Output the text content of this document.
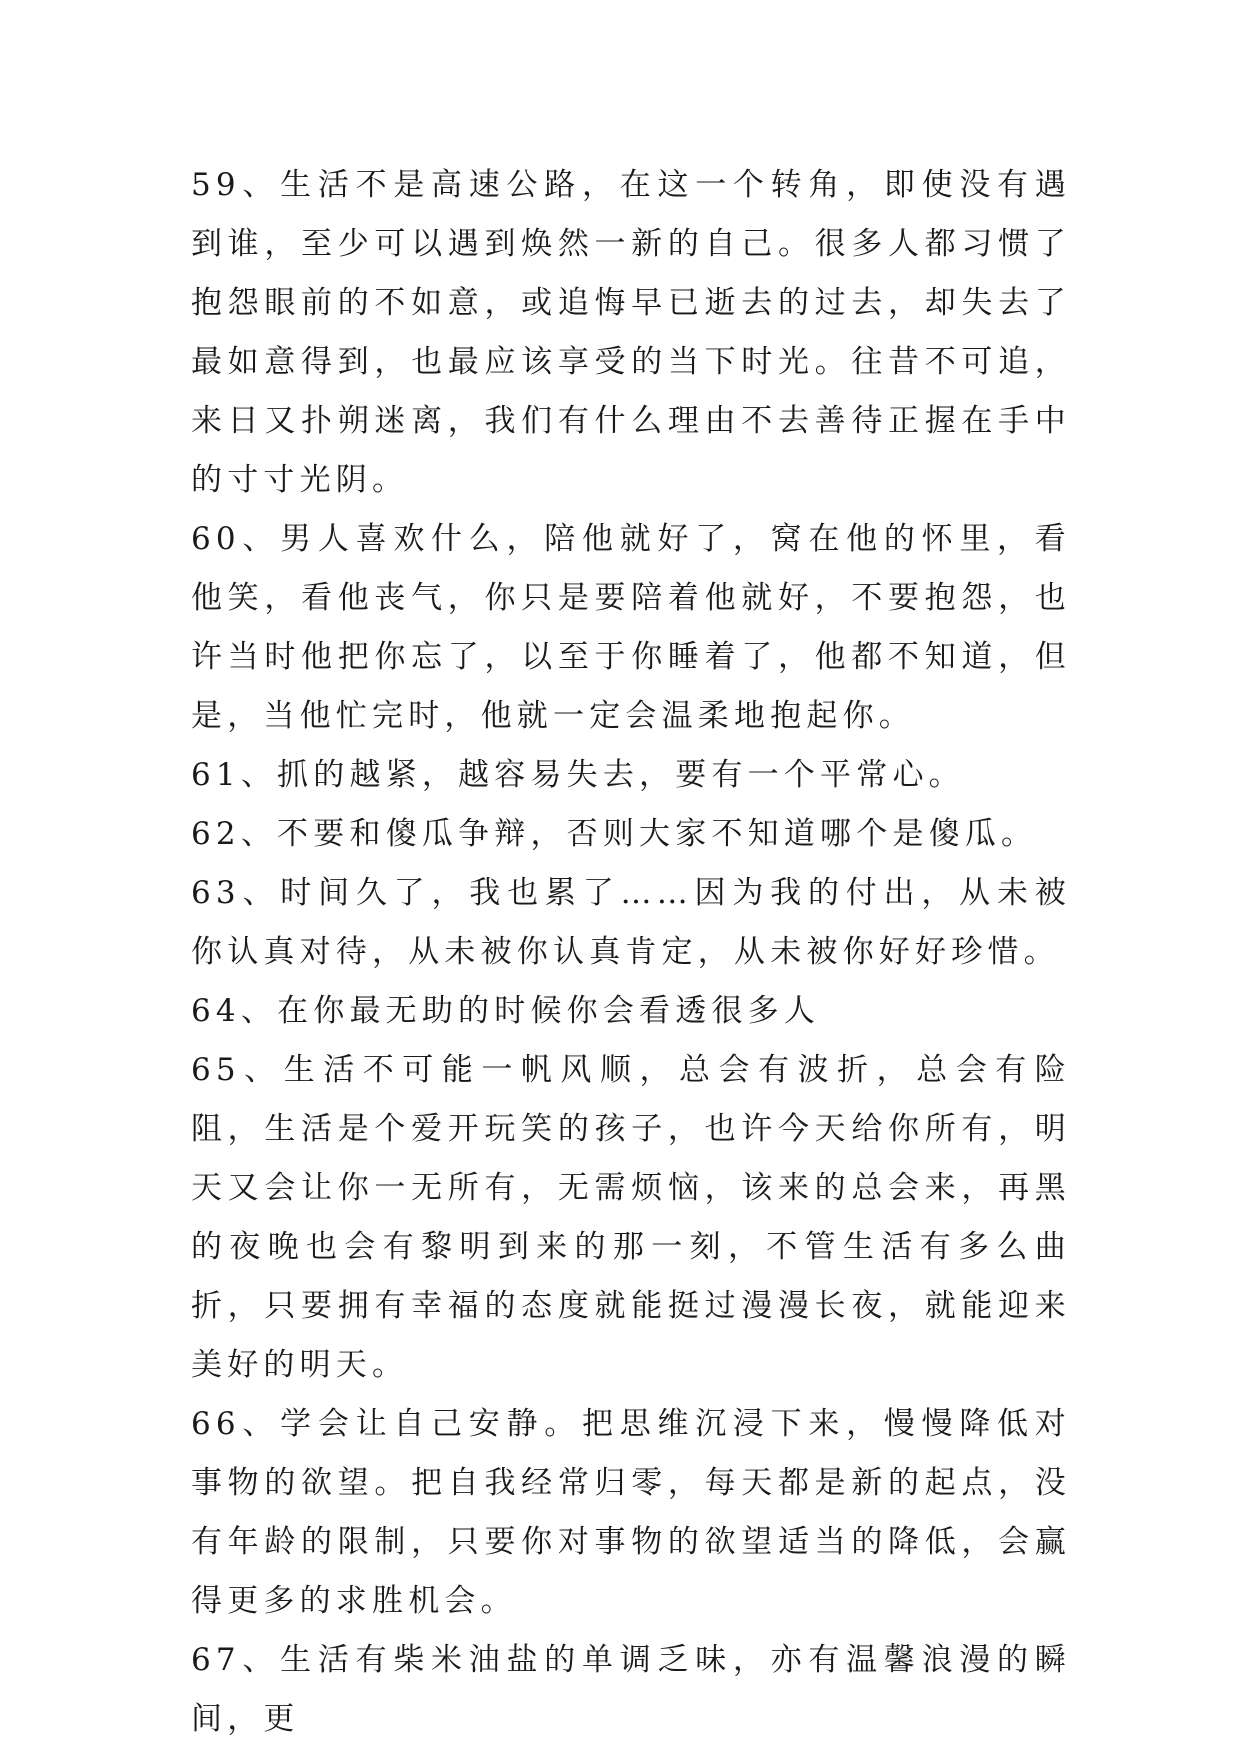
59、生活不是高速公路，在这一个转角，即使没有遇到谁，至少可以遇到焕然一新的自己。很多人都习惯了抱怨眼前的不如意，或追悔早已逝去的过去，却失去了最如意得到，也最应该享受的当下时光。往昔不可追，来日又扑朔迷离，我们有什么理由不去善待正握在手中的寸寸光阴。

60、男人喜欢什么，陪他就好了，窝在他的怀里，看他笑，看他丧气，你只是要陪着他就好，不要抱怨，也许当时他把你忘了，以至于你睡着了，他都不知道，但是，当他忙完时，他就一定会温柔地抱起你。

61、抓的越紧，越容易失去，要有一个平常心。

62、不要和傻瓜争辩，否则大家不知道哪个是傻瓜。

63、时间久了，我也累了……因为我的付出，从未被你认真对待，从未被你认真肯定，从未被你好好珍惜。

64、在你最无助的时候你会看透很多人

65、生活不可能一帆风顺，总会有波折，总会有险阻，生活是个爱开玩笑的孩子，也许今天给你所有，明天又会让你一无所有，无需烦恼，该来的总会来，再黑的夜晚也会有黎明到来的那一刻，不管生活有多么曲折，只要拥有幸福的态度就能挺过漫漫长夜，就能迎来美好的明天。

66、学会让自己安静。把思维沉浸下来，慢慢降低对事物的欲望。把自我经常归零，每天都是新的起点，没有年龄的限制，只要你对事物的欲望适当的降低，会赢得更多的求胜机会。

67、生活有柴米油盐的单调乏味，亦有温馨浪漫的瞬间，更
